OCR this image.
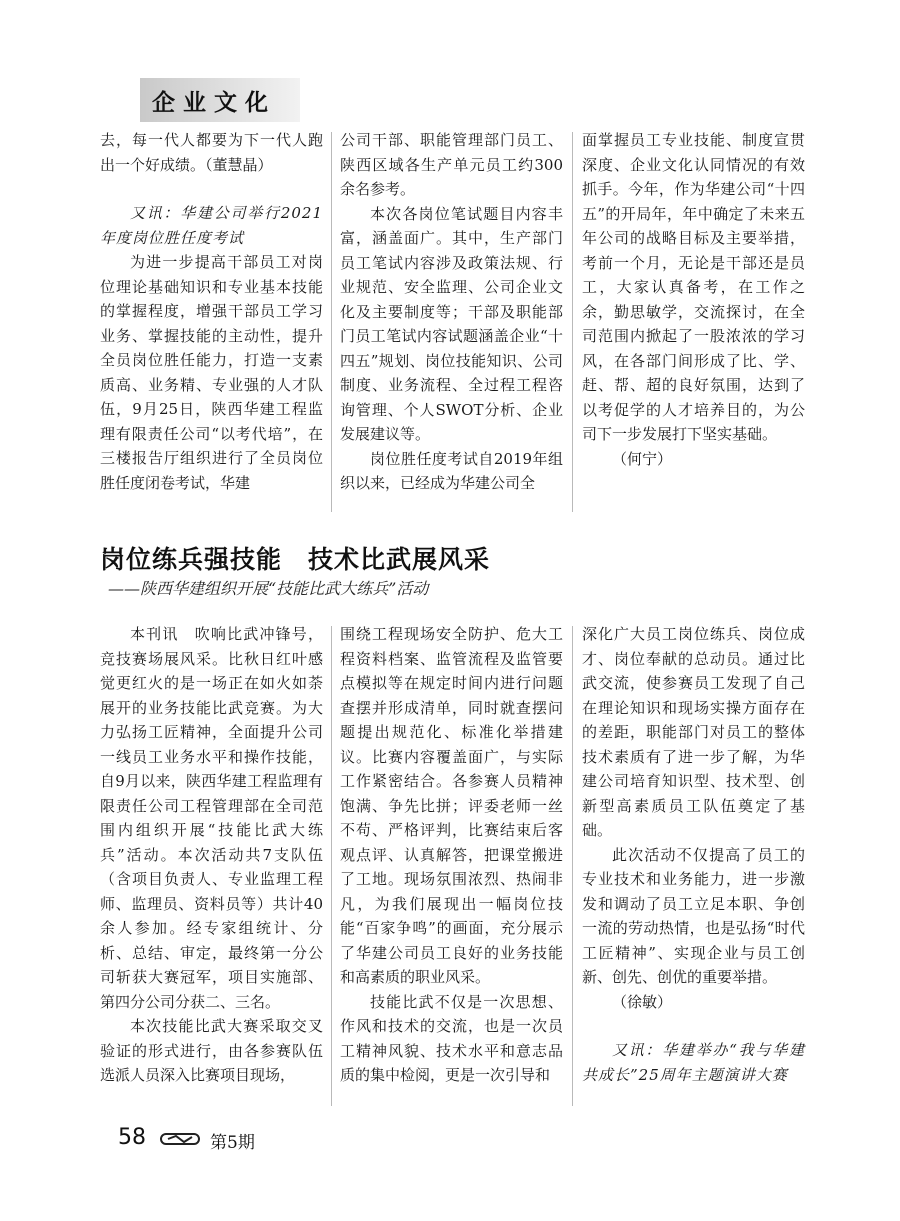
企业文化

去，每一代人都要为下一代人跑出一个好成绩。（董慧晶）

又讯：华建公司举行2021年度岗位胜任度考试

为进一步提高干部员工对岗位理论基础知识和专业基本技能的掌握程度，增强干部员工学习业务、掌握技能的主动性，提升全员岗位胜任能力，打造一支素质高、业务精、专业强的人才队伍，9月25日，陕西华建工程监理有限责任公司“以考代培”，在三楼报告厅组织进行了全员岗位胜任度闭卷考试，华建

公司干部、职能管理部门员工、陕西区域各生产单元员工约300余名参考。

本次各岗位笔试题目内容丰富，涵盖面广。其中，生产部门员工笔试内容涉及政策法规、行业规范、安全监理、公司企业文化及主要制度等；干部及职能部门员工笔试内容试题涵盖企业“十四五”规划、岗位技能知识、公司制度、业务流程、全过程工程咨询管理、个人SWOT分析、企业发展建议等。

岗位胜任度考试自2019年组织以来，已经成为华建公司全

面掌握员工专业技能、制度宣贯深度、企业文化认同情况的有效抓手。今年，作为华建公司“十四五”的开局年，年中确定了未来五年公司的战略目标及主要举措，考前一个月，无论是干部还是员工，大家认真备考，在工作之余，勤思敏学，交流探讨，在全司范围内掀起了一股浓浓的学习风，在各部门间形成了比、学、赶、帮、超的良好氛围，达到了以考促学的人才培养目的，为公司下一步发展打下坚实基础。

（何宁）

岗位练兵强技能　技术比武展风采
——陕西华建组织开展“技能比武大练兵”活动

本刊讯　吹响比武冲锋号，竞技赛场展风采。比秋日红叶感觉更红火的是一场正在如火如荼展开的业务技能比武竞赛。为大力弘扬工匠精神，全面提升公司一线员工业务水平和操作技能，自9月以来，陕西华建工程监理有限责任公司工程管理部在全司范围内组织开展“技能比武大练兵”活动。本次活动共7支队伍（含项目负责人、专业监理工程师、监理员、资料员等）共计40余人参加。经专家组统计、分析、总结、审定，最终第一分公司斩获大赛冠军，项目实施部、第四分公司分获二、三名。

本次技能比武大赛采取交叉验证的形式进行，由各参赛队伍选派人员深入比赛项目现场，

围绕工程现场安全防护、危大工程资料档案、监管流程及监管要点模拟等在规定时间内进行问题查摆并形成清单，同时就查摆问题提出规范化、标准化举措建议。比赛内容覆盖面广，与实际工作紧密结合。各参赛人员精神饱满、争先比拼；评委老师一丝不苟、严格评判，比赛结束后客观点评、认真解答，把课堂搬进了工地。现场氛围浓烈、热闹非凡，为我们展现出一幅岗位技能“百家争鸣”的画面，充分展示了华建公司员工良好的业务技能和高素质的职业风采。

技能比武不仅是一次思想、作风和技术的交流，也是一次员工精神风貌、技术水平和意志品质的集中检阅，更是一次引导和

深化广大员工岗位练兵、岗位成才、岗位奉献的总动员。通过比武交流，使参赛员工发现了自己在理论知识和现场实操方面存在的差距，职能部门对员工的整体技术素质有了进一步了解，为华建公司培育知识型、技术型、创新型高素质员工队伍奠定了基础。

此次活动不仅提高了员工的专业技术和业务能力，进一步激发和调动了员工立足本职、争创一流的劳动热情，也是弘扬“时代工匠精神”、实现企业与员工创新、创先、创优的重要举措。

（徐敏）

又讯：华建举办“我与华建共成长”25周年主题演讲大赛

58	第5期
